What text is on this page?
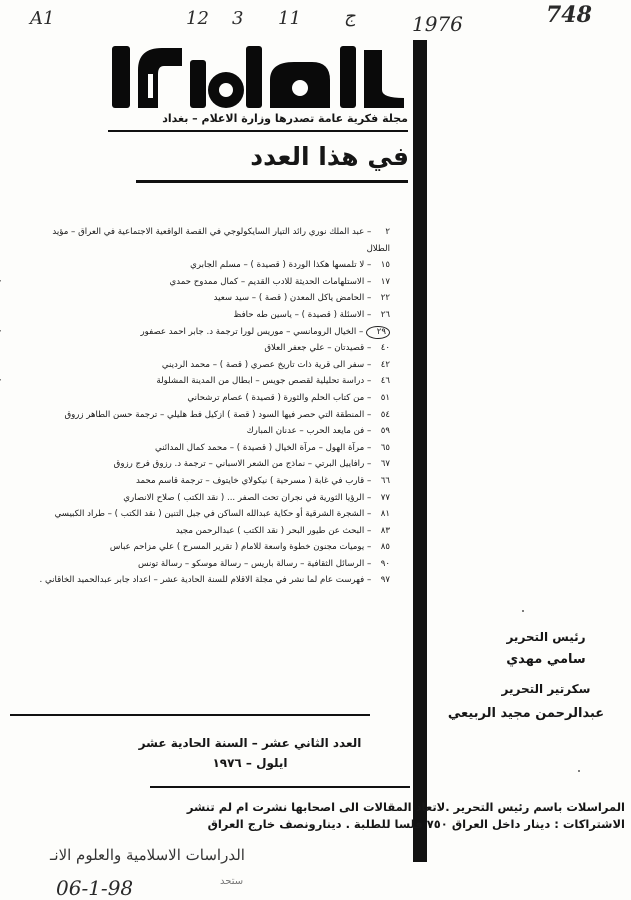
A1	12 3 11 ج	1976	748
مجلة فكرية عامة تصدرها وزارة الاعلام – بغداد
في هذا العدد
٢ – عبد الملك نوري رائد التيار السايكولوجي في القصة الواقعية الاجتماعية في العراق – مؤيد الطلال
١٥ – لا تلمسها هكذا الوردة ( قصيدة ) – مسلم الجابري
١٧ – الاستلهامات الحديثة للادب القديم – كمال ممدوح حمدي
٢٢ – الحامض ياكل المعدن ( قصة ) – سيد سعيد
٢٦ – الاسئلة ( قصيدة ) – ياسين طه حافظ
٢٩ – الخيال الرومانسي – موريس لورا ترجمة د. جابر احمد عصفور
٤٠ – قصيدتان – علي جعفر العلاق
٤٢ – سفر الى قرية ذات تاريخ عصري ( قصة ) – محمد الرديني
٤٦ – دراسة تحليلية لقصص جويس – ابطال من المدينة المشلولة
٥١ – من كتاب الحلم والثورة ( قصيدة ) عصام ترشحاني
٥٤ – المنطقة التي حصر فيها السود ( قصة ) ازكيل فط هليلي – ترجمة حسن الطاهر زروق
٥٩ – فن مايعد الحرب – عدنان المبارك
٦٥ – مرآة الهول – مرآة الخيال ( قصيدة ) – محمد كمال المدائني
٦٧ – رافاييل البرتي – نماذج من الشعر الاسباني – ترجمة د. رزوق فرج رزوق
٦٦ – قارب في غابة ( مسرحية ) نيكولاي خايتوف – ترجمة قاسم محمد
٧٧ – الرؤيا الثورية في نجران تحت الصفر ... ( نقد الكتب ) صلاح الانصاري
٨١ – الشجرة الشرقية أو حكاية عبدالله الساكن في جبل التنين ( نقد الكتب ) – طراد الكبيسي
٨٣ – البحث عن طيور البحر ( نقد الكتب ) عبدالرحمن مجيد
٨٥ – يوميات مجنون خطوة واسعة للامام ( تقرير المسرح ) علي مزاحم عباس
٩٠ – الرسائل الثقافية – رسالة باريس – رسالة موسكو – رسالة تونس
٩٧ – فهرست عام لما نشر في مجلة الاقلام للسنة الحادية عشر – اعداد جابر عبدالحميد الخاقاني .
رئيس التحرير
سامي مهدي
سكرتير التحرير
عبدالرحمن مجيد الربيعي
العدد الثاني عشر – السنة الحادية عشر
ايلول – ١٩٧٦
المراسلات باسم رئيس التحرير .لاتعاد المقالات الى اصحابها نشرت ام لم تنشر
الاشتراكات : دينار داخل العراق ٧٥٠ فلسا للطلبة . دينارونصف خارج العراق
الدراسات الاسلامية والعلوم الانـ
ستحد
06-1-98
